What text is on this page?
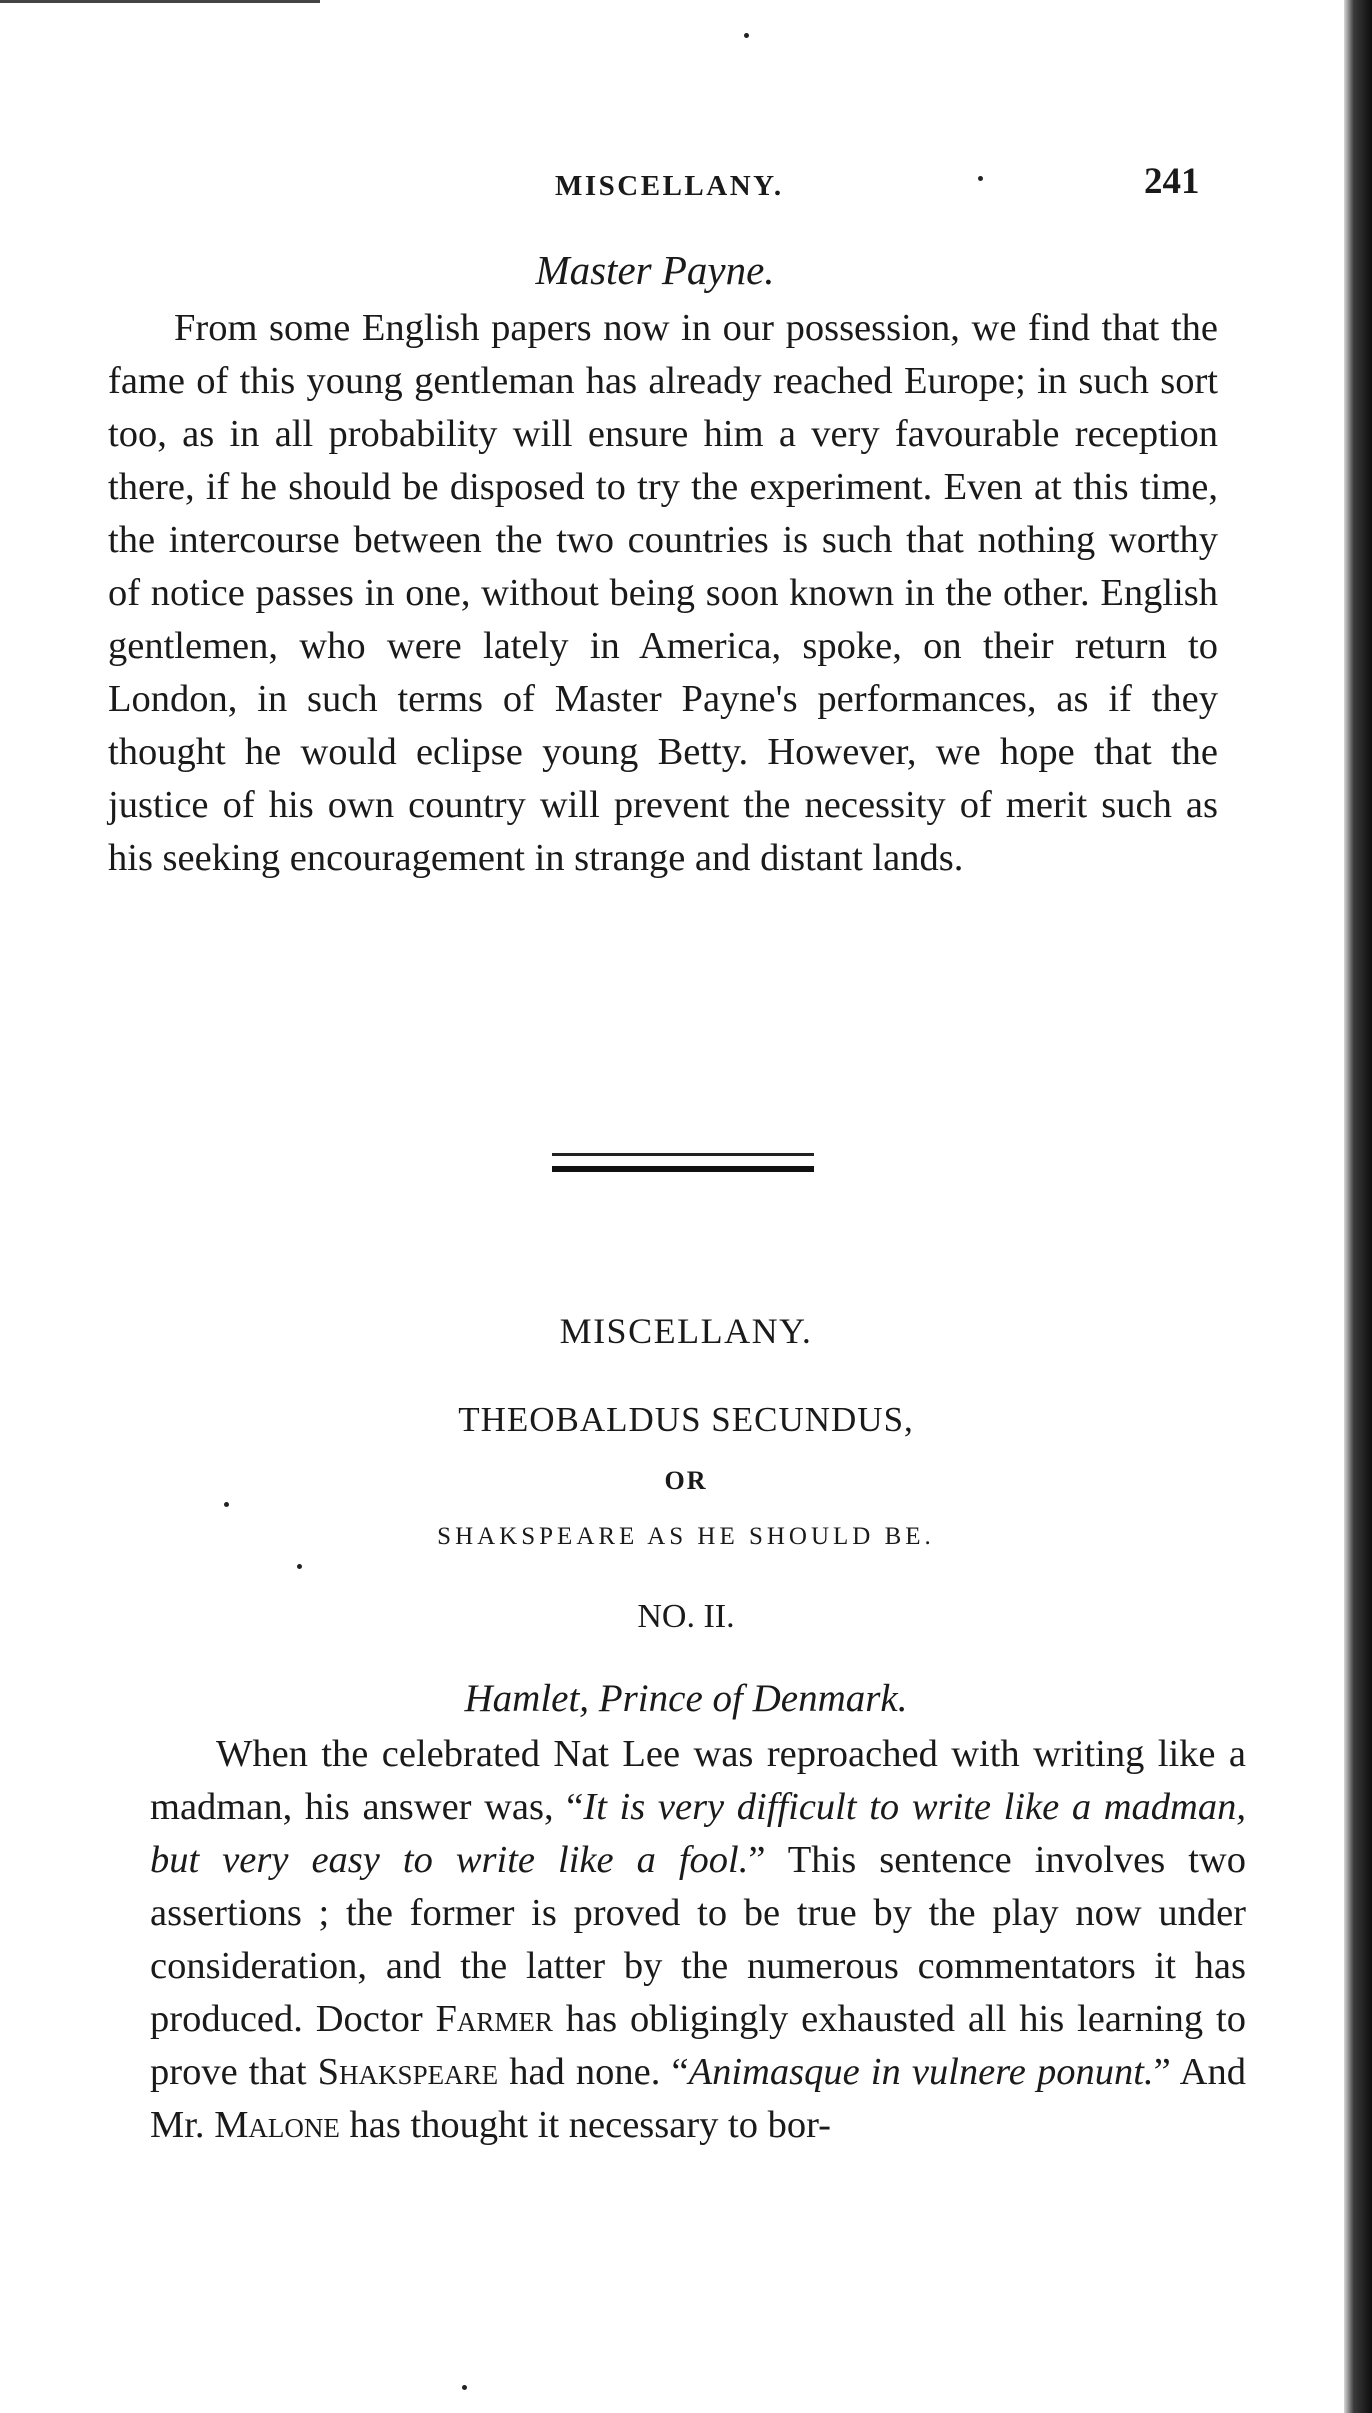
MISCELLANY.	241
Master Payne.

From some English papers now in our possession, we find that the fame of this young gentleman has already reached Europe; in such sort too, as in all probability will ensure him a very favourable reception there, if he should be disposed to try the experiment. Even at this time, the intercourse between the two countries is such that nothing worthy of notice passes in one, without being soon known in the other. English gentlemen, who were lately in America, spoke, on their return to London, in such terms of Master Payne's performances, as if they thought he would eclipse young Betty. However, we hope that the justice of his own country will prevent the necessity of merit such as his seeking encouragement in strange and distant lands.

MISCELLANY.
THEOBALDUS SECUNDUS,
OR
SHAKSPEARE AS HE SHOULD BE.
NO. II.
Hamlet, Prince of Denmark.

When the celebrated Nat Lee was reproached with writing like a madman, his answer was, “It is very difficult to write like a madman, but very easy to write like a fool.” This sentence involves two assertions ; the former is proved to be true by the play now under consideration, and the latter by the numerous commentators it has produced. Doctor Farmer has obligingly exhausted all his learning to prove that Shakspeare had none. “Animasque in vulnere ponunt.” And Mr. Malone has thought it necessary to bor-
